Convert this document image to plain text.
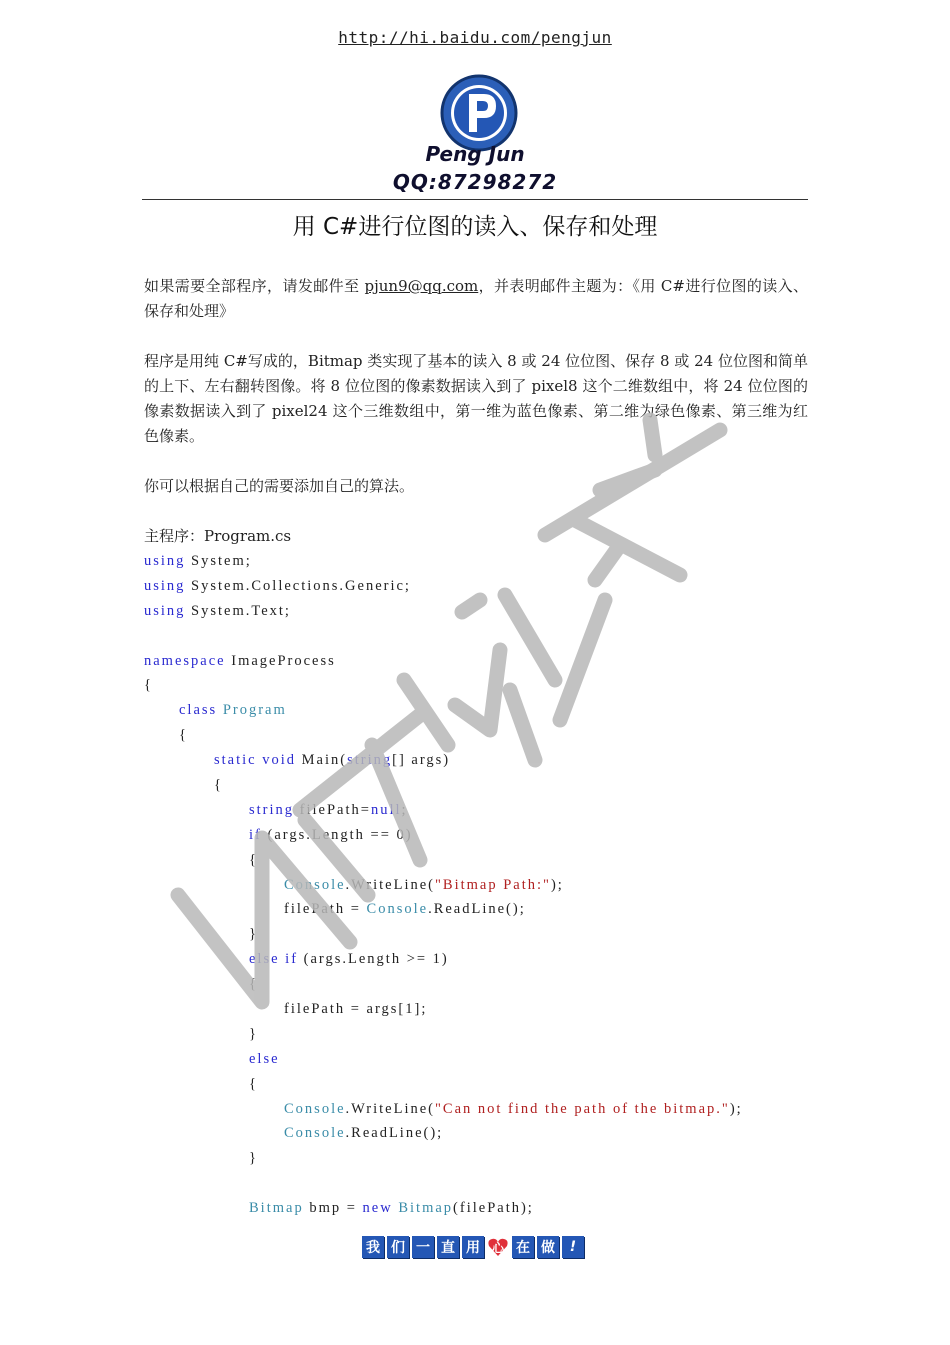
http://hi.baidu.com/pengjun
Peng Jun
QQ:87298272
用 C#进行位图的读入、保存和处理
如果需要全部程序，请发邮件至 pjun9@qq.com，并表明邮件主题为：《用 C#进行位图的读入、保存和处理》
程序是用纯 C#写成的，Bitmap 类实现了基本的读入 8 或 24 位位图、保存 8 或 24 位位图和简单的上下、左右翻转图像。将 8 位位图的像素数据读入到了 pixel8 这个二维数组中，将 24 位位图的像素数据读入到了 pixel24 这个三维数组中，第一维为蓝色像素、第二维为绿色像素、第三维为红色像素。
你可以根据自己的需要添加自己的算法。
主程序：Program.cs
using System;
using System.Collections.Generic;
using System.Text;

namespace ImageProcess
{
class Program
{
static void Main(string[] args)
{
string filePath=null;
if (args.Length == 0)
{
Console.WriteLine("Bitmap Path:");
filePath = Console.ReadLine();
}
else if (args.Length >= 1)
{
filePath = args[1];
}
else
{
Console.WriteLine("Can not find the path of the bitmap.");
Console.ReadLine();
}

Bitmap bmp = new Bitmap(filePath);
我 们 一 直 用 心 在 做	!
